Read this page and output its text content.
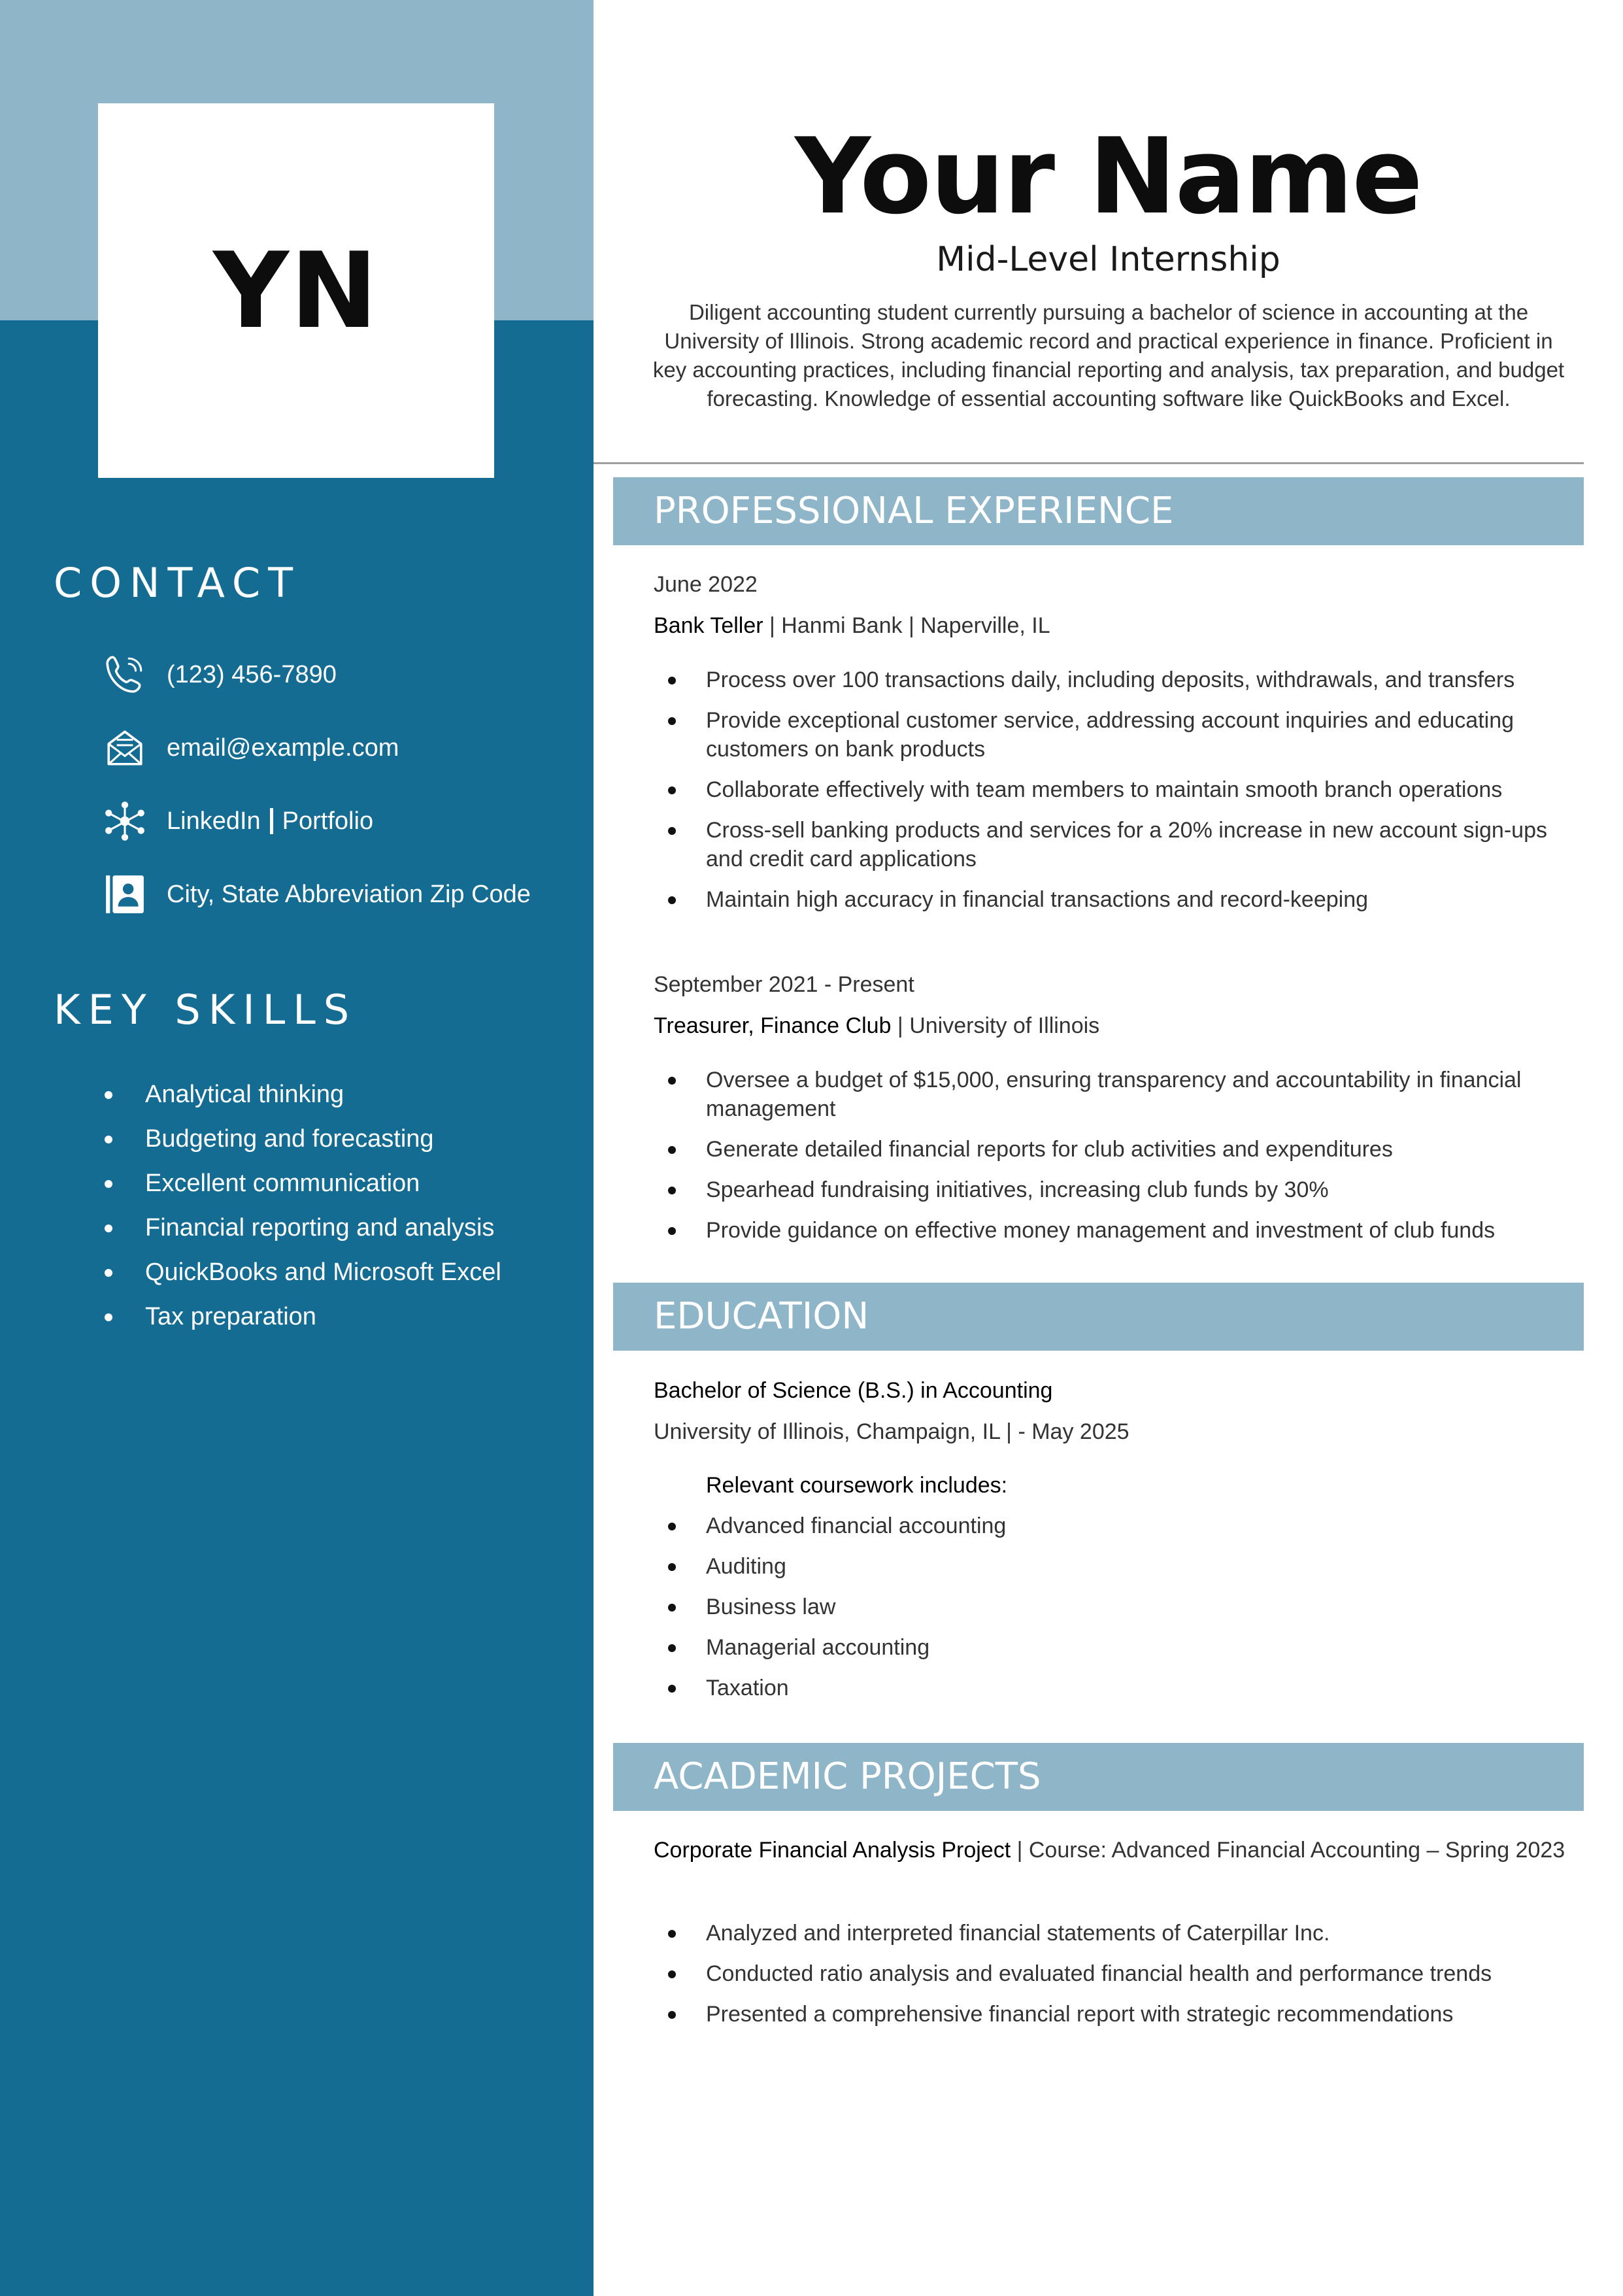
YN
CONTACT
(123) 456-7890
email@example.com
LinkedIn Portfolio
City, State Abbreviation Zip Code
KEY SKILLS
Analytical thinking
Budgeting and forecasting
Excellent communication
Financial reporting and analysis
QuickBooks and Microsoft Excel
Tax preparation
Your Name
Mid-Level Internship

Diligent accounting student currently pursuing a bachelor of science in accounting at the University of Illinois. Strong academic record and practical experience in finance. Proficient in key accounting practices, including financial reporting and analysis, tax preparation, and budget forecasting. Knowledge of essential accounting software like QuickBooks and Excel.

PROFESSIONAL EXPERIENCE
June 2022
Bank Teller | Hanmi Bank | Naperville, IL
Process over 100 transactions daily, including deposits, withdrawals, and transfers
Provide exceptional customer service, addressing account inquiries and educating customers on bank products
Collaborate effectively with team members to maintain smooth branch operations
Cross-sell banking products and services for a 20% increase in new account sign-ups and credit card applications
Maintain high accuracy in financial transactions and record-keeping
September 2021 - Present
Treasurer, Finance Club | University of Illinois
Oversee a budget of $15,000, ensuring transparency and accountability in financial management
Generate detailed financial reports for club activities and expenditures
Spearhead fundraising initiatives, increasing club funds by 30%
Provide guidance on effective money management and investment of club funds
EDUCATION
Bachelor of Science (B.S.) in Accounting
University of Illinois, Champaign, IL | - May 2025
Relevant coursework includes:
Advanced financial accounting
Auditing
Business law
Managerial accounting
Taxation
ACADEMIC PROJECTS
Corporate Financial Analysis Project | Course: Advanced Financial Accounting – Spring 2023
Analyzed and interpreted financial statements of Caterpillar Inc.
Conducted ratio analysis and evaluated financial health and performance trends
Presented a comprehensive financial report with strategic recommendations
